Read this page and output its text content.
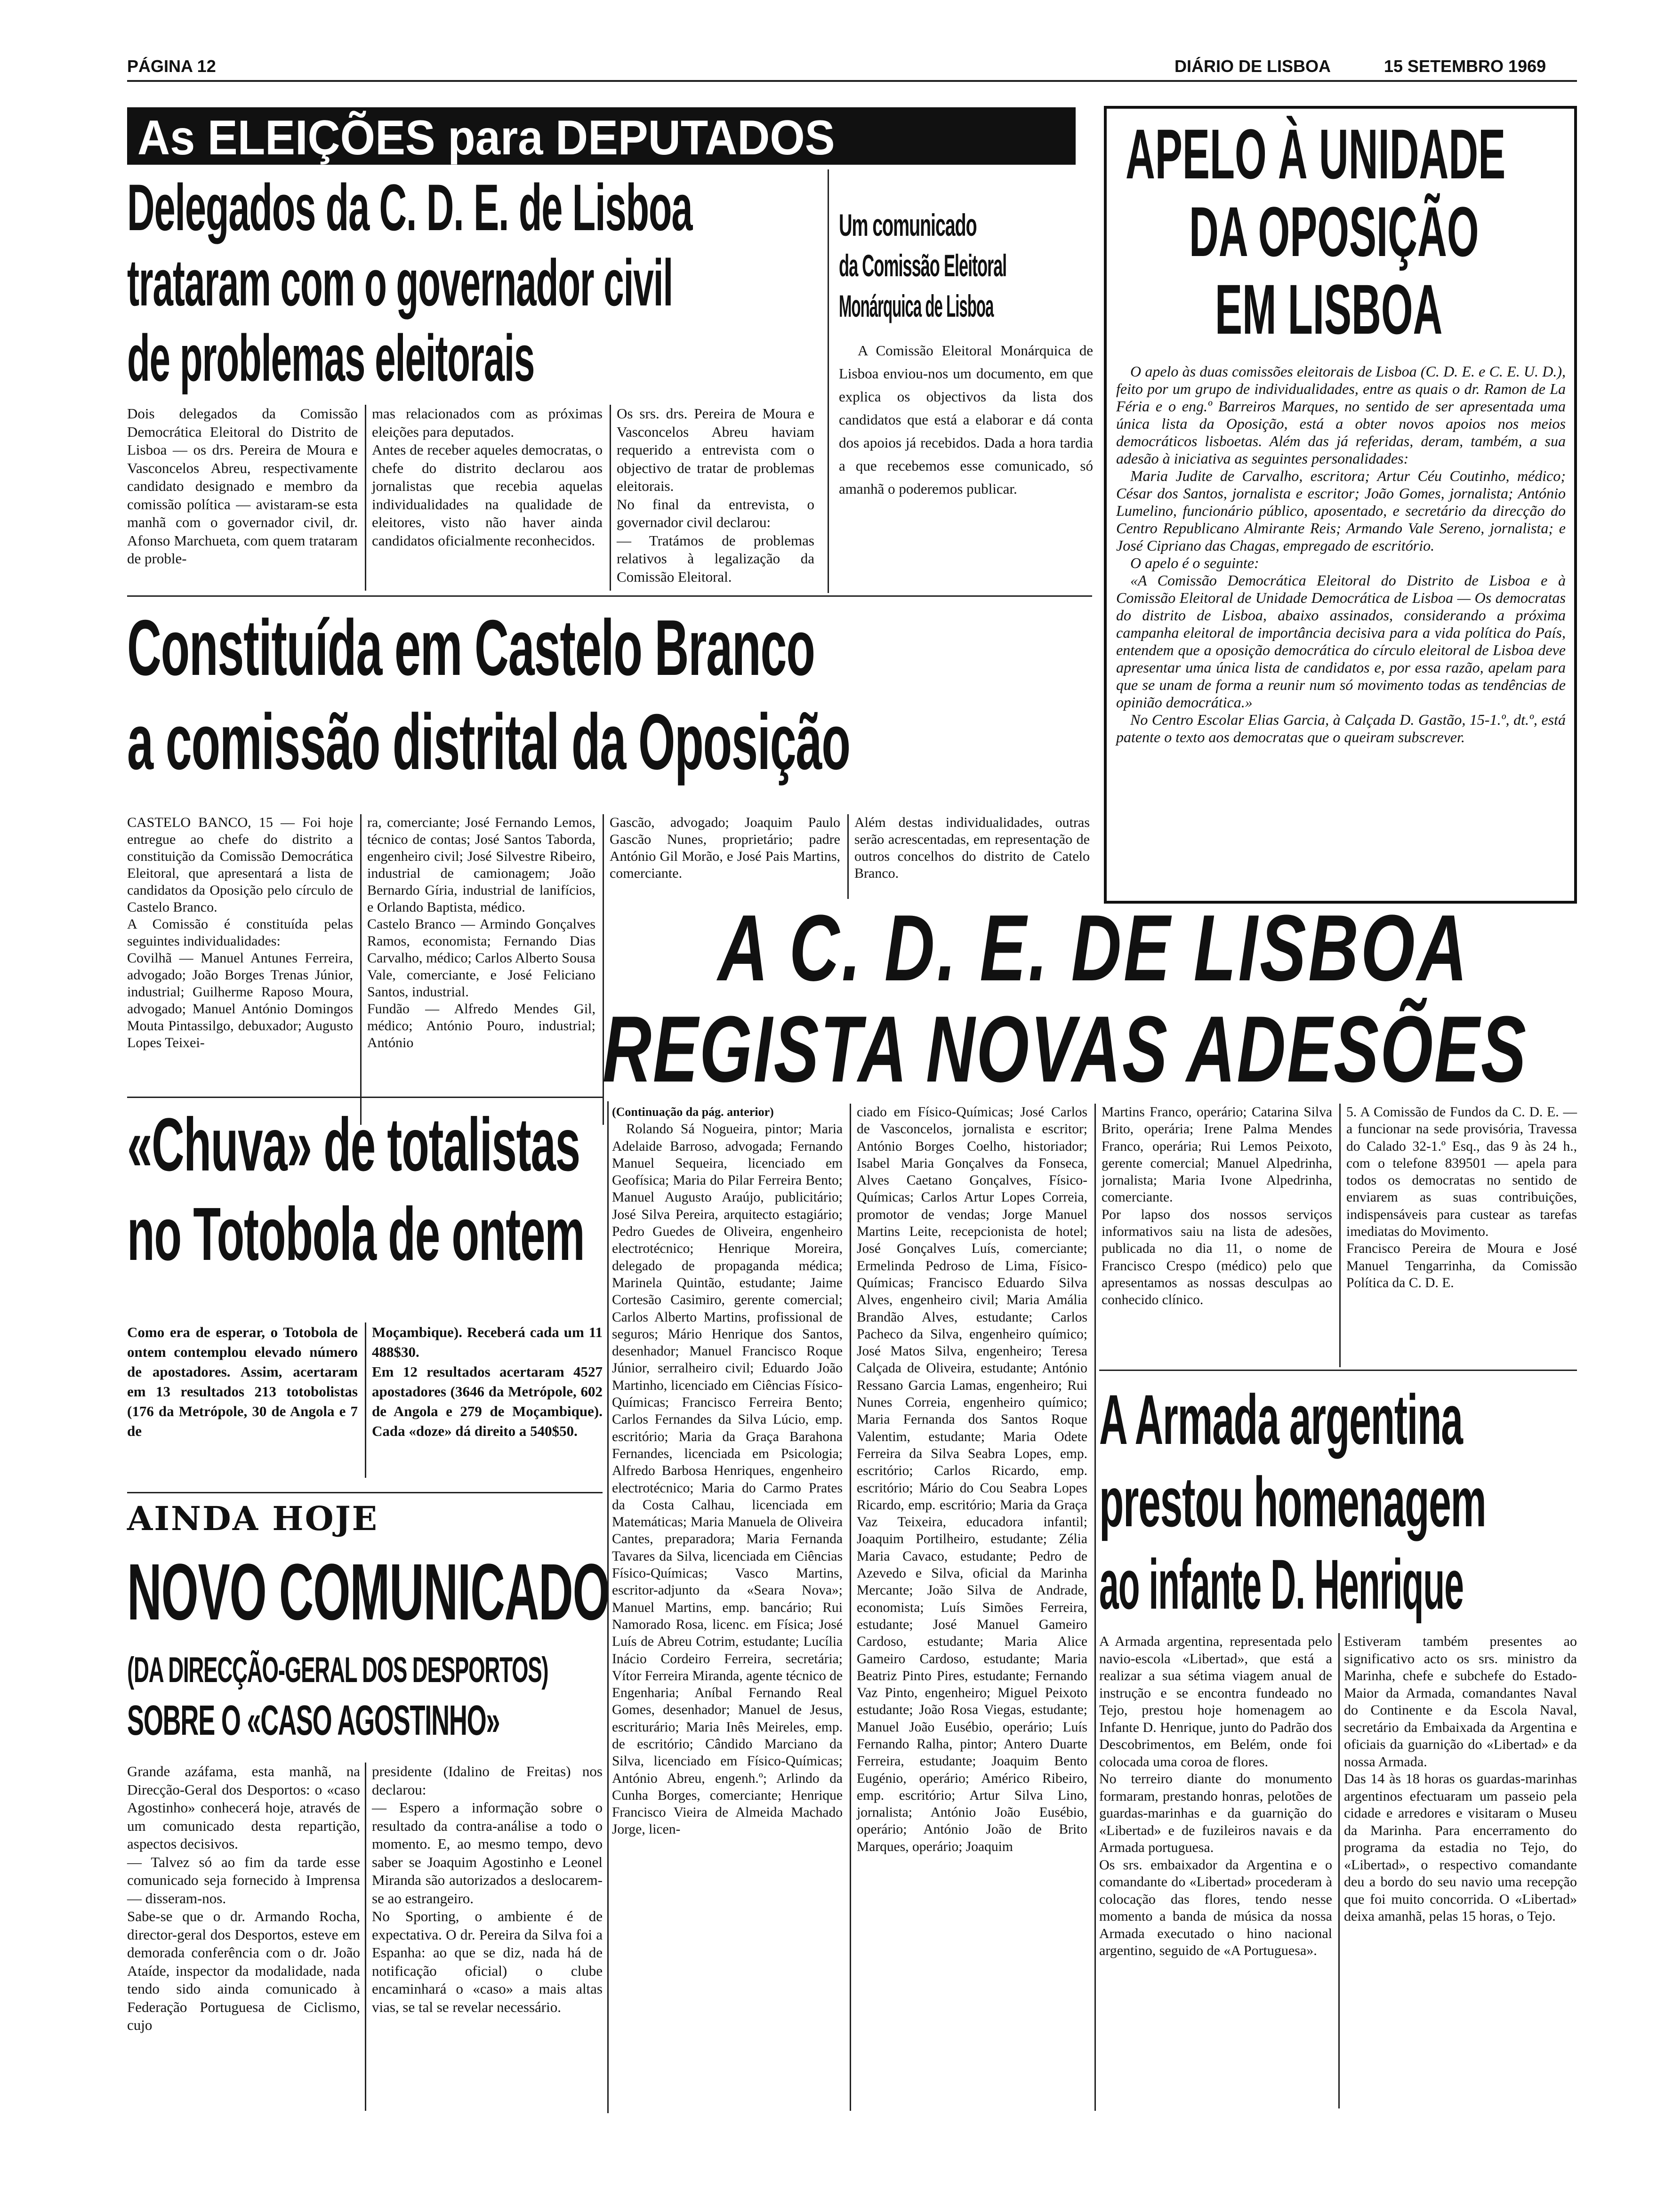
PÁGINA 12	DIÁRIO DE LISBOA	15 SETEMBRO 1969
As ELEIÇÕES para DEPUTADOS
Delegados da C. D. E. de Lisboa
trataram com o governador civil
de problemas eleitorais
Dois delegados da Comissão Democrática Eleitoral do Distrito de Lisboa — os drs. Pereira de Moura e Vasconcelos Abreu, respectivamente candidato designado e membro da comissão política — avistaram-se esta manhã com o governador civil, dr. Afonso Marchueta, com quem trataram de proble-
mas relacionados com as próximas eleições para deputados.
Antes de receber aqueles democratas, o chefe do distrito declarou aos jornalistas que recebia aquelas individualidades na qualidade de eleitores, visto não haver ainda candidatos oficialmente reconhecidos.
Os srs. drs. Pereira de Moura e Vasconcelos Abreu haviam requerido a entrevista com o objectivo de tratar de problemas eleitorais.
No final da entrevista, o governador civil declarou:
— Tratámos de problemas relativos à legalização da Comissão Eleitoral.
Um comunicado
da Comissão Eleitoral
Monárquica de Lisboa
A Comissão Eleitoral Monárquica de Lisboa enviou-nos um documento, em que explica os objectivos da lista dos candidatos que está a elaborar e dá conta dos apoios já recebidos. Dada a hora tardia a que recebemos esse comunicado, só amanhã o poderemos publicar.
APELO À UNIDADE
DA OPOSIÇÃO
EM LISBOA

O apelo às duas comissões eleitorais de Lisboa (C. D. E. e C. E. U. D.), feito por um grupo de individualidades, entre as quais o dr. Ramon de La Féria e o eng.º Barreiros Marques, no sentido de ser apresentada uma única lista da Oposição, está a obter novos apoios nos meios democráticos lisboetas. Além das já referidas, deram, também, a sua adesão à iniciativa as seguintes personalidades:

Maria Judite de Carvalho, escritora; Artur Céu Coutinho, médico; César dos Santos, jornalista e escritor; João Gomes, jornalista; António Lumelino, funcionário público, aposentado, e secretário da direcção do Centro Republicano Almirante Reis; Armando Vale Sereno, jornalista; e José Cipriano das Chagas, empregado de escritório.

O apelo é o seguinte:

«A Comissão Democrática Eleitoral do Distrito de Lisboa e à Comissão Eleitoral de Unidade Democrática de Lisboa — Os democratas do distrito de Lisboa, abaixo assinados, considerando a próxima campanha eleitoral de importância decisiva para a vida política do País, entendem que a oposição democrática do círculo eleitoral de Lisboa deve apresentar uma única lista de candidatos e, por essa razão, apelam para que se unam de forma a reunir num só movimento todas as tendências de opinião democrática.»

No Centro Escolar Elias Garcia, à Calçada D. Gastão, 15-1.º, dt.º, está patente o texto aos democratas que o queiram subscrever.

Constituída em Castelo Branco
a comissão distrital da Oposição
CASTELO BANCO, 15 — Foi hoje entregue ao chefe do distrito a constituição da Comissão Democrática Eleitoral, que apresentará a lista de candidatos da Oposição pelo círculo de Castelo Branco.
A Comissão é constituída pelas seguintes individualidades:
Covilhã — Manuel Antunes Ferreira, advogado; João Borges Trenas Júnior, industrial; Guilherme Raposo Moura, advogado; Manuel António Domingos Mouta Pintassilgo, debuxador; Augusto Lopes Teixei-
ra, comerciante; José Fernando Lemos, técnico de contas; José Santos Taborda, engenheiro civil; José Silvestre Ribeiro, industrial de camionagem; João Bernardo Gíria, industrial de lanifícios, e Orlando Baptista, médico.
Castelo Branco — Armindo Gonçalves Ramos, economista; Fernando Dias Carvalho, médico; Carlos Alberto Sousa Vale, comerciante, e José Feliciano Santos, industrial.
Fundão — Alfredo Mendes Gil, médico; António Pouro, industrial; António
Gascão, advogado; Joaquim Paulo Gascão Nunes, proprietário; padre António Gil Morão, e José Pais Martins, comerciante.
Além destas individualidades, outras serão acrescentadas, em representação de outros concelhos do distrito de Catelo Branco.
A C. D. E. DE LISBOA
REGISTA NOVAS ADESÕES
«Chuva» de totalistas
no Totobola de ontem
Como era de esperar, o Totobola de ontem contemplou elevado número de apostadores. Assim, acertaram em 13 resultados 213 totobolistas (176 da Metrópole, 30 de Angola e 7 de
Moçambique). Receberá cada um 11 488$30.
Em 12 resultados acertaram 4527 apostadores (3646 da Metrópole, 602 de Angola e 279 de Moçambique). Cada «doze» dá direito a 540$50.
AINDA HOJE
NOVO COMUNICADO
(DA DIRECÇÃO-GERAL DOS DESPORTOS)
SOBRE O «CASO AGOSTINHO»
Grande azáfama, esta manhã, na Direcção-Geral dos Desportos: o «caso Agostinho» conhecerá hoje, através de um comunicado desta repartição, aspectos decisivos.
— Talvez só ao fim da tarde esse comunicado seja fornecido à Imprensa — disseram-nos.
Sabe-se que o dr. Armando Rocha, director-geral dos Desportos, esteve em demorada conferência com o dr. João Ataíde, inspector da modalidade, nada tendo sido ainda comunicado à Federação Portuguesa de Ciclismo, cujo
presidente (Idalino de Freitas) nos declarou:
— Espero a informação sobre o resultado da contra-análise a todo o momento. E, ao mesmo tempo, devo saber se Joaquim Agostinho e Leonel Miranda são autorizados a deslocarem-se ao estrangeiro.
No Sporting, o ambiente é de expectativa. O dr. Pereira da Silva foi a Espanha: ao que se diz, nada há de notificação oficial) o clube encaminhará o «caso» a mais altas vias, se tal se revelar necessário.
(Continuação da pág. anterior)
Rolando Sá Nogueira, pintor; Maria Adelaide Barroso, advogada; Fernando Manuel Sequeira, licenciado em Geofísica; Maria do Pilar Ferreira Bento; Manuel Augusto Araújo, publicitário; José Silva Pereira, arquitecto estagiário; Pedro Guedes de Oliveira, engenheiro electrotécnico; Henrique Moreira, delegado de propaganda médica; Marinela Quintão, estudante; Jaime Cortesão Casimiro, gerente comercial; Carlos Alberto Martins, profissional de seguros; Mário Henrique dos Santos, desenhador; Manuel Francisco Roque Júnior, serralheiro civil; Eduardo João Martinho, licenciado em Ciências Físico-Químicas; Francisco Ferreira Bento; Carlos Fernandes da Silva Lúcio, emp. escritório; Maria da Graça Barahona Fernandes, licenciada em Psicologia; Alfredo Barbosa Henriques, engenheiro electrotécnico; Maria do Carmo Prates da Costa Calhau, licenciada em Matemáticas; Maria Manuela de Oliveira Cantes, preparadora; Maria Fernanda Tavares da Silva, licenciada em Ciências Físico-Químicas; Vasco Martins, escritor-adjunto da «Seara Nova»; Manuel Martins, emp. bancário; Rui Namorado Rosa, licenc. em Física; José Luís de Abreu Cotrim, estudante; Lucília Inácio Cordeiro Ferreira, secretária; Vítor Ferreira Miranda, agente técnico de Engenharia; Aníbal Fernando Real Gomes, desenhador; Manuel de Jesus, escriturário; Maria Inês Meireles, emp. de escritório; Cândido Marciano da Silva, licenciado em Físico-Químicas; António Abreu, engenh.º; Arlindo da Cunha Borges, comerciante; Henrique Francisco Vieira de Almeida Machado Jorge, licen-
ciado em Físico-Químicas; José Carlos de Vasconcelos, jornalista e escritor; António Borges Coelho, historiador; Isabel Maria Gonçalves da Fonseca, Alves Caetano Gonçalves, Físico-Químicas; Carlos Artur Lopes Correia, promotor de vendas; Jorge Manuel Martins Leite, recepcionista de hotel; José Gonçalves Luís, comerciante; Ermelinda Pedroso de Lima, Físico-Químicas; Francisco Eduardo Silva Alves, engenheiro civil; Maria Amália Brandão Alves, estudante; Carlos Pacheco da Silva, engenheiro químico; José Matos Silva, engenheiro; Teresa Calçada de Oliveira, estudante; António Ressano Garcia Lamas, engenheiro; Rui Nunes Correia, engenheiro químico; Maria Fernanda dos Santos Roque Valentim, estudante; Maria Odete Ferreira da Silva Seabra Lopes, emp. escritório; Carlos Ricardo, emp. escritório; Mário do Cou Seabra Lopes Ricardo, emp. escritório; Maria da Graça Vaz Teixeira, educadora infantil; Joaquim Portilheiro, estudante; Zélia Maria Cavaco, estudante; Pedro de Azevedo e Silva, oficial da Marinha Mercante; João Silva de Andrade, economista; Luís Simões Ferreira, estudante; José Manuel Gameiro Cardoso, estudante; Maria Alice Gameiro Cardoso, estudante; Maria Beatriz Pinto Pires, estudante; Fernando Vaz Pinto, engenheiro; Miguel Peixoto estudante; João Rosa Viegas, estudante; Manuel João Eusébio, operário; Luís Fernando Ralha, pintor; Antero Duarte Ferreira, estudante; Joaquim Bento Eugénio, operário; Américo Ribeiro, emp. escritório; Artur Silva Lino, jornalista; António João Eusébio, operário; António João de Brito Marques, operário; Joaquim
Martins Franco, operário; Catarina Silva Brito, operária; Irene Palma Mendes Franco, operária; Rui Lemos Peixoto, gerente comercial; Manuel Alpedrinha, jornalista; Maria Ivone Alpedrinha, comerciante.
Por lapso dos nossos serviços informativos saiu na lista de adesões, publicada no dia 11, o nome de Francisco Crespo (médico) pelo que apresentamos as nossas desculpas ao conhecido clínico.
5. A Comissão de Fundos da C. D. E. — a funcionar na sede provisória, Travessa do Calado 32-1.º Esq., das 9 às 24 h., com o telefone 839501 — apela para todos os democratas no sentido de enviarem as suas contribuições, indispensáveis para custear as tarefas imediatas do Movimento.
Francisco Pereira de Moura e José Manuel Tengarrinha, da Comissão Política da C. D. E.
A Armada argentina
prestou homenagem
ao infante D. Henrique
A Armada argentina, representada pelo navio-escola «Libertad», que está a realizar a sua sétima viagem anual de instrução e se encontra fundeado no Tejo, prestou hoje homenagem ao Infante D. Henrique, junto do Padrão dos Descobrimentos, em Belém, onde foi colocada uma coroa de flores.
No terreiro diante do monumento formaram, prestando honras, pelotões de guardas-marinhas e da guarnição do «Libertad» e de fuzileiros navais e da Armada portuguesa.
Os srs. embaixador da Argentina e o comandante do «Libertad» procederam à colocação das flores, tendo nesse momento a banda de música da nossa Armada executado o hino nacional argentino, seguido de «A Portuguesa».
Estiveram também presentes ao significativo acto os srs. ministro da Marinha, chefe e subchefe do Estado-Maior da Armada, comandantes Naval do Continente e da Escola Naval, secretário da Embaixada da Argentina e oficiais da guarnição do «Libertad» e da nossa Armada.
Das 14 às 18 horas os guardas-marinhas argentinos efectuaram um passeio pela cidade e arredores e visitaram o Museu da Marinha. Para encerramento do programa da estadia no Tejo, do «Libertad», o respectivo comandante deu a bordo do seu navio uma recepção que foi muito concorrida. O «Libertad» deixa amanhã, pelas 15 horas, o Tejo.
